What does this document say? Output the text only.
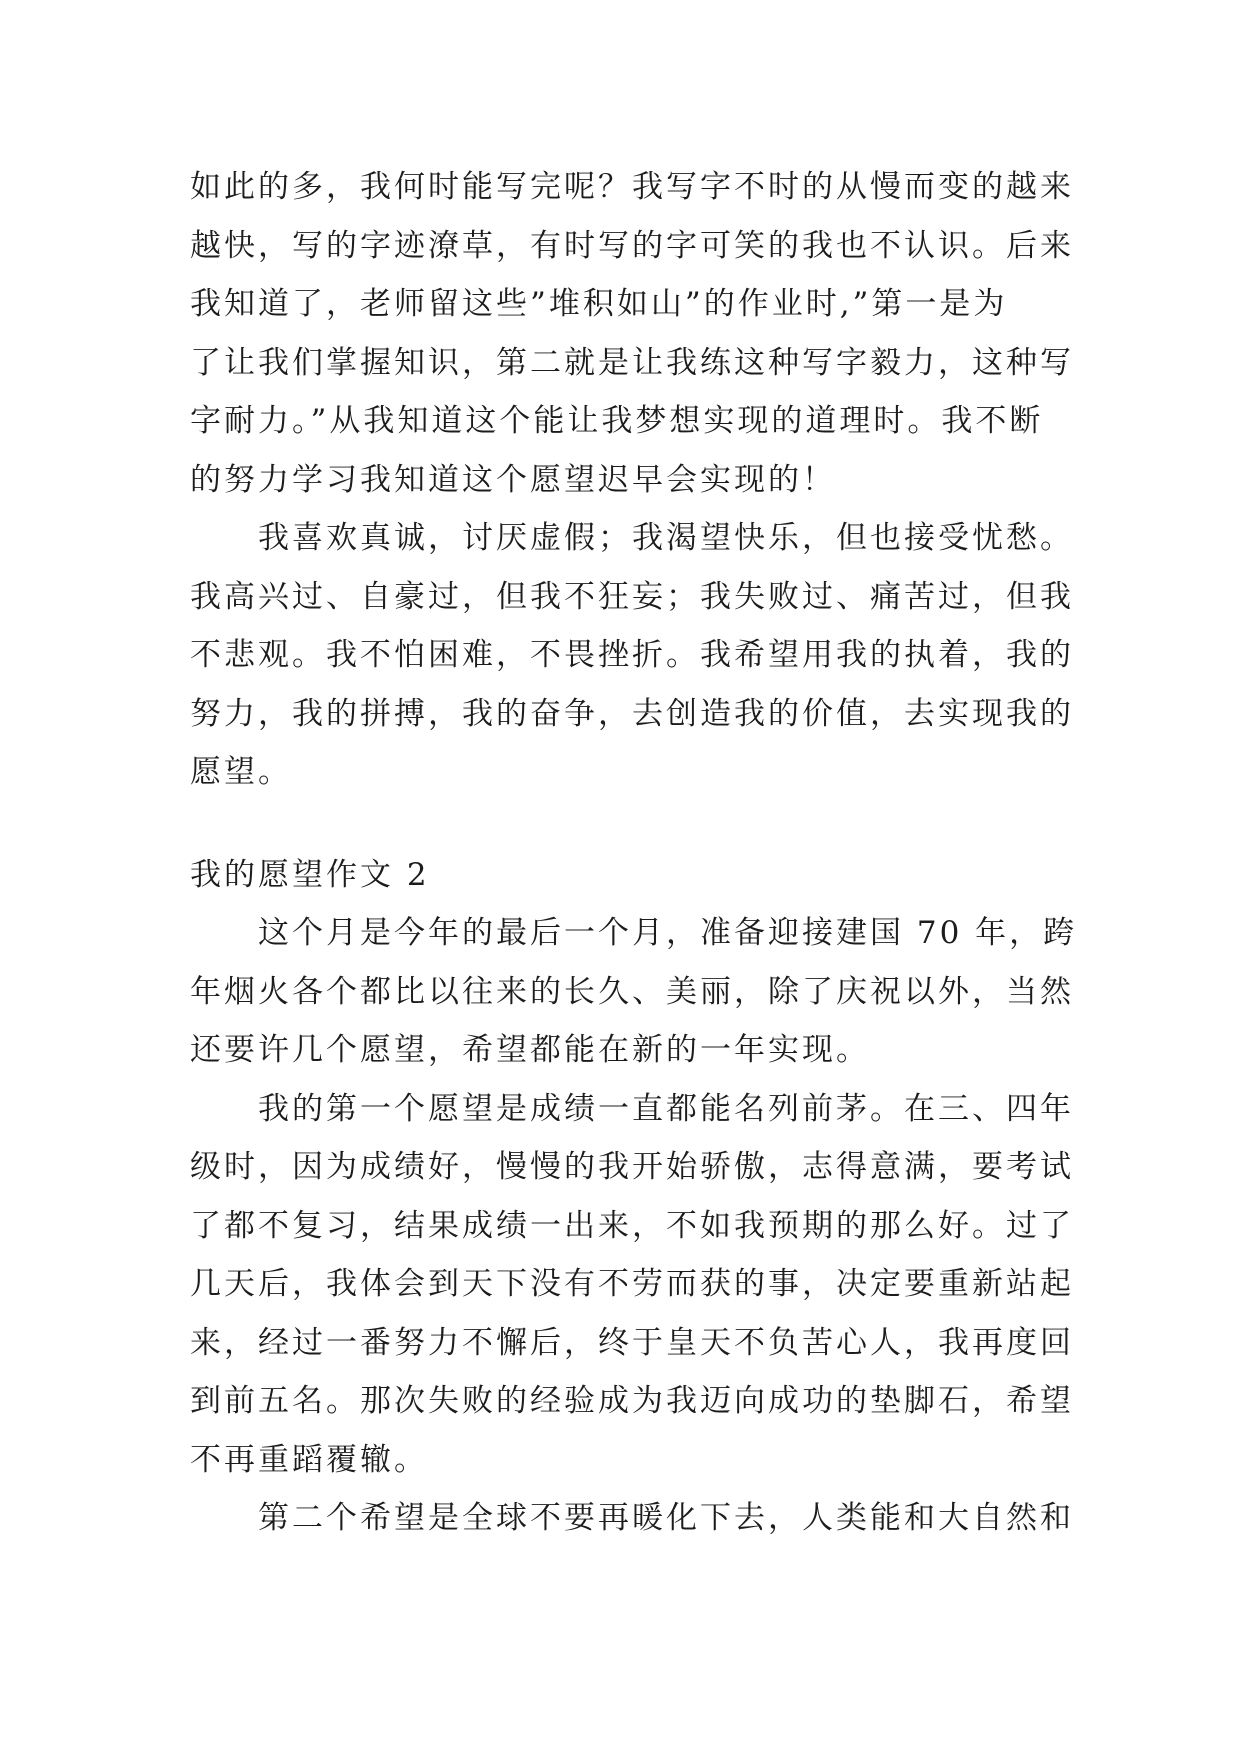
如此的多，我何时能写完呢？我写字不时的从慢而变的越来
越快，写的字迹潦草，有时写的字可笑的我也不认识。后来
我知道了，老师留这些”堆积如山”的作业时,”第一是为
了让我们掌握知识，第二就是让我练这种写字毅力，这种写
字耐力。”从我知道这个能让我梦想实现的道理时。我不断
的努力学习我知道这个愿望迟早会实现的！
我喜欢真诚，讨厌虚假；我渴望快乐，但也接受忧愁。
我高兴过、自豪过，但我不狂妄；我失败过、痛苦过，但我
不悲观。我不怕困难，不畏挫折。我希望用我的执着，我的
努力，我的拼搏，我的奋争，去创造我的价值，去实现我的
愿望。
我的愿望作文 2
这个月是今年的最后一个月，准备迎接建国 70 年，跨
年烟火各个都比以往来的长久、美丽，除了庆祝以外，当然
还要许几个愿望，希望都能在新的一年实现。
我的第一个愿望是成绩一直都能名列前茅。在三、四年
级时，因为成绩好，慢慢的我开始骄傲，志得意满，要考试
了都不复习，结果成绩一出来，不如我预期的那么好。过了
几天后，我体会到天下没有不劳而获的事，决定要重新站起
来，经过一番努力不懈后，终于皇天不负苦心人，我再度回
到前五名。那次失败的经验成为我迈向成功的垫脚石，希望
不再重蹈覆辙。
第二个希望是全球不要再暖化下去，人类能和大自然和
